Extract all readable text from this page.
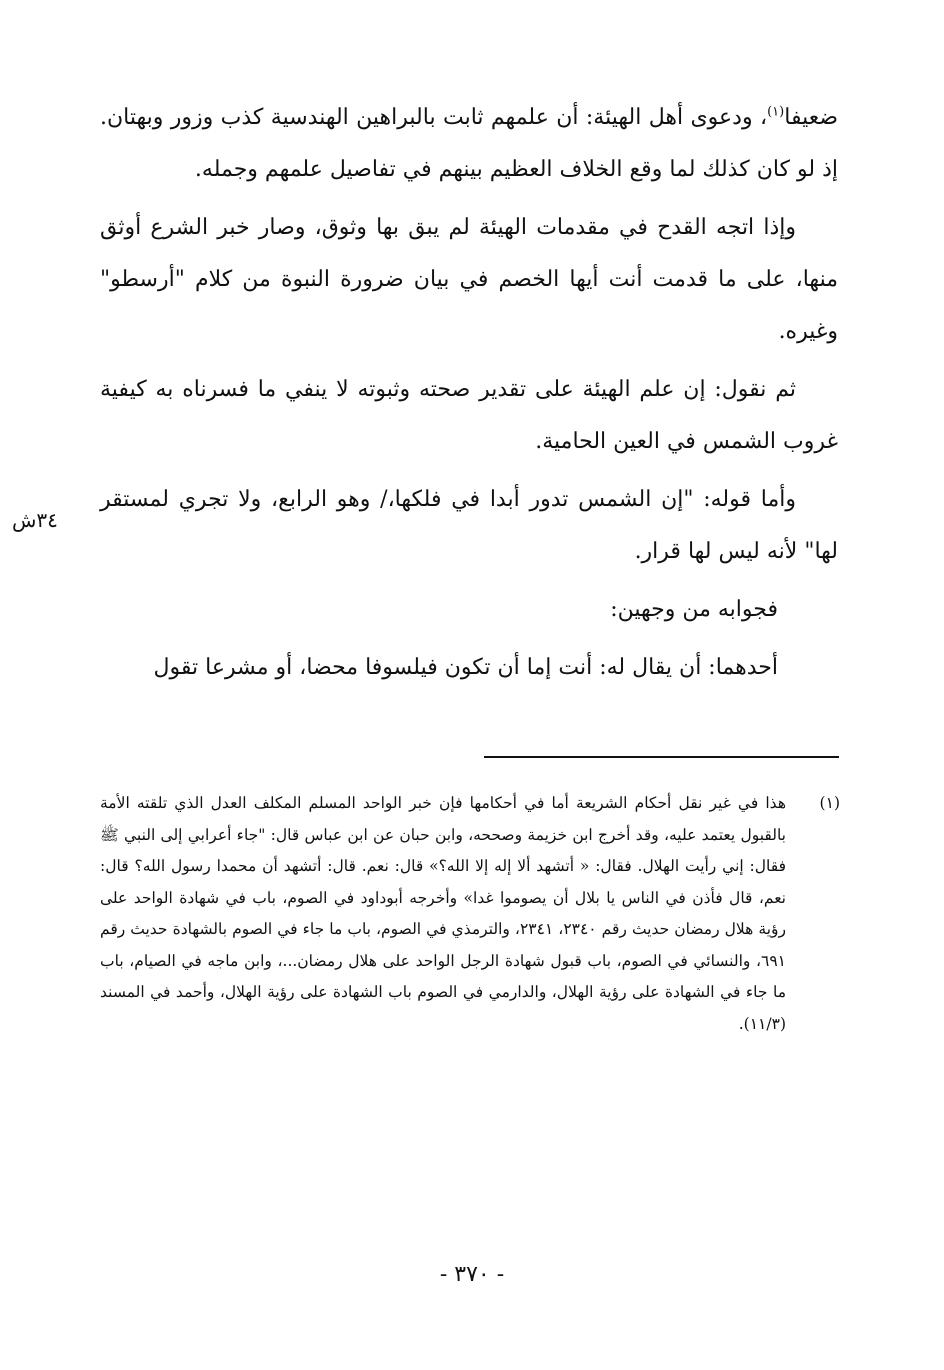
ضعيفا$^{(١)}$، ودعوى أهل الهيئة: أن علمهم ثابت بالبراهين الهندسية كذب وزور وبهتان. إذ لو كان كذلك لما وقع الخلاف العظيم بينهم في تفاصيل علمهم وجمله.

وإذا اتجه القدح في مقدمات الهيئة لم يبق بها وثوق، وصار خبر الشرع أوثق منها، على ما قدمت أنت أيها الخصم في بيان ضرورة النبوة من كلام "أرسطو" وغيره.

ثم نقول: إن علم الهيئة على تقدير صحته وثبوته لا ينفي ما فسرناه به كيفية غروب الشمس في العين الحامية.

وأما قوله: "إن الشمس تدور أبدا في فلكها،/ وهو الرابع، ولا تجري لمستقر لها" لأنه ليس لها قرار.

فجوابه من وجهين:

أحدهما: أن يقال له: أنت إما أن تكون فيلسوفا محضا، أو مشرعا تقول

٣٤ش
(١)
هذا في غير نقل أحكام الشريعة أما في أحكامها فإن خبر الواحد المسلم المكلف العدل الذي تلقته الأمة بالقبول يعتمد عليه، وقد أخرج ابن خزيمة وصححه، وابن حبان عن ابن عباس قال: "جاء أعرابي إلى النبي ﷺ فقال: إني رأيت الهلال. فقال: « أتشهد ألا إله إلا الله؟» قال: نعم. قال: أتشهد أن محمدا رسول الله؟ قال: نعم، قال فأذن في الناس يا بلال أن يصوموا غدا» وأخرجه أبوداود في الصوم، باب في شهادة الواحد على رؤية هلال رمضان حديث رقم ٢٣٤٠، ٢٣٤١، والترمذي في الصوم، باب ما جاء في الصوم بالشهادة حديث رقم ٦٩١، والنسائي في الصوم، باب قبول شهادة الرجل الواحد على هلال رمضان...، وابن ماجه في الصيام، باب ما جاء في الشهادة على رؤية الهلال، والدارمي في الصوم باب الشهادة على رؤية الهلال، وأحمد في المسند (١١/٣).
- ٣٧٠ -
